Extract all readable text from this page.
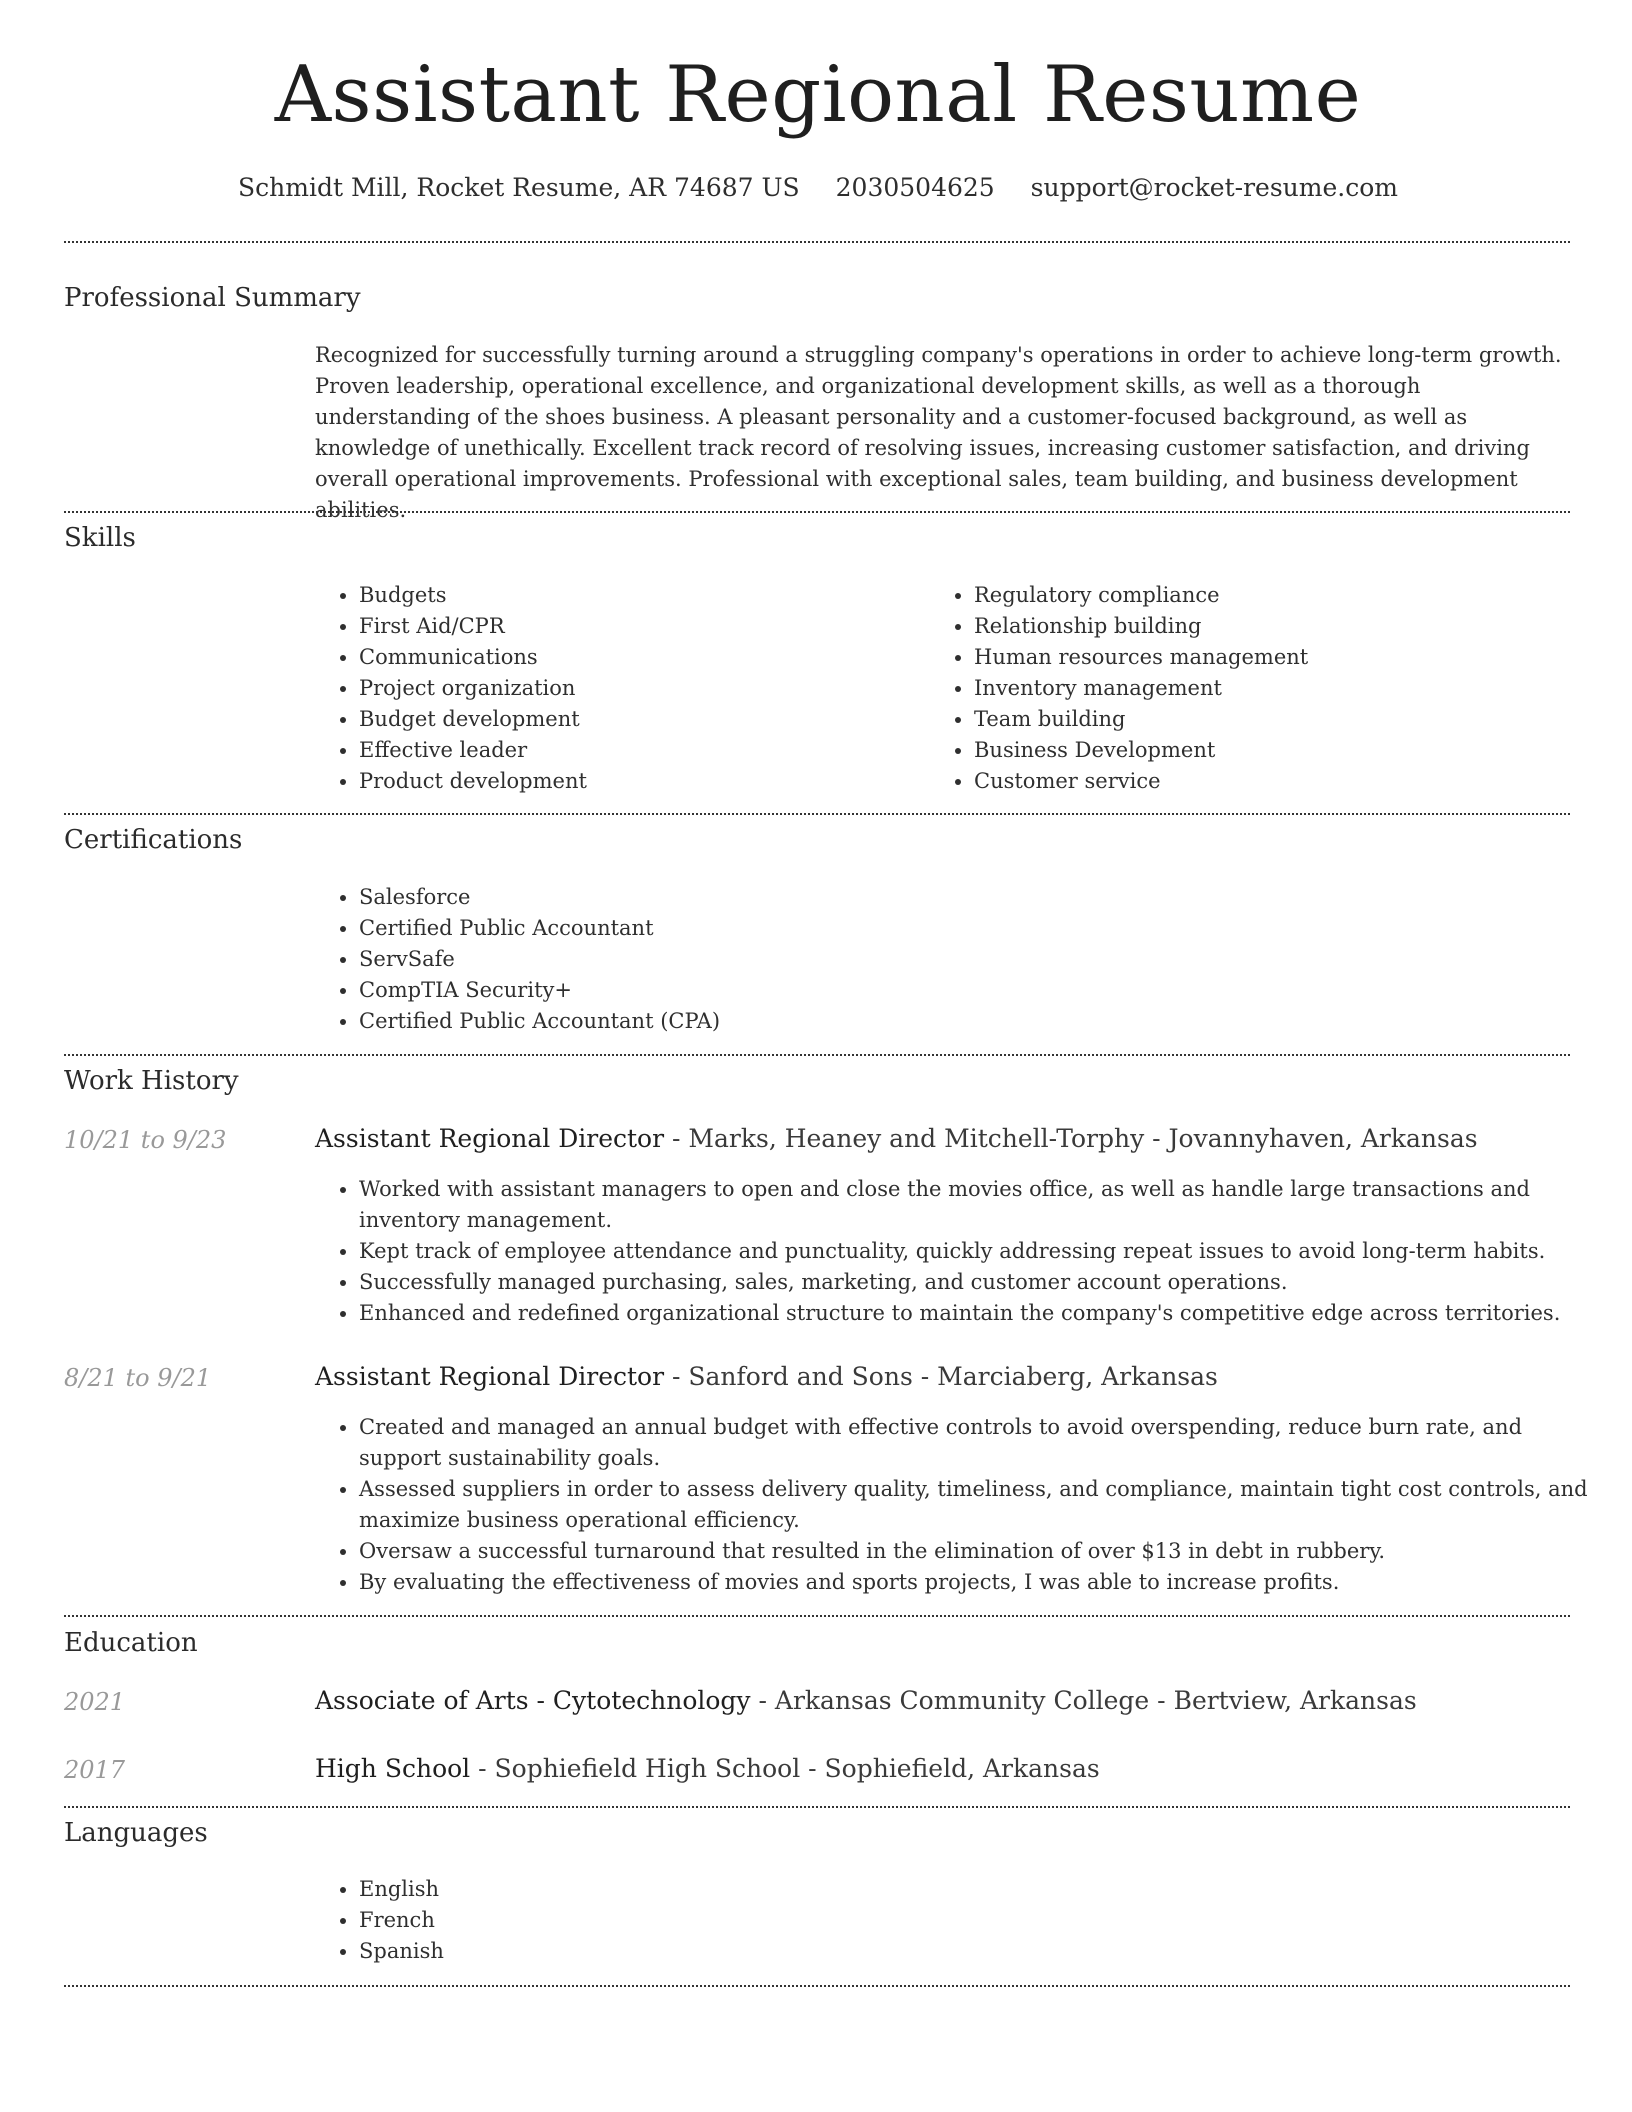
Assistant Regional Resume
Schmidt Mill, Rocket Resume, AR 74687 US 2030504625 support@rocket-resume.com
Professional Summary
Recognized for successfully turning around a struggling company's operations in order to achieve long-term growth. Proven leadership, operational excellence, and organizational development skills, as well as a thorough understanding of the shoes business. A pleasant personality and a customer-focused background, as well as knowledge of unethically. Excellent track record of resolving issues, increasing customer satisfaction, and driving overall operational improvements. Professional with exceptional sales, team building, and business development abilities.
Skills
• Budgets
• First Aid/CPR
• Communications
• Project organization
• Budget development
• Effective leader
• Product development
• Regulatory compliance
• Relationship building
• Human resources management
• Inventory management
• Team building
• Business Development
• Customer service
Certifications
• Salesforce
• Certified Public Accountant
• ServSafe
• CompTIA Security+
• Certified Public Accountant (CPA)
Work History
10/21 to 9/23	Assistant Regional Director - Marks, Heaney and Mitchell-Torphy - Jovannyhaven, Arkansas
• Worked with assistant managers to open and close the movies office, as well as handle large transactions and inventory management.
• Kept track of employee attendance and punctuality, quickly addressing repeat issues to avoid long-term habits.
• Successfully managed purchasing, sales, marketing, and customer account operations.
• Enhanced and redefined organizational structure to maintain the company's competitive edge across territories.
8/21 to 9/21	Assistant Regional Director - Sanford and Sons - Marciaberg, Arkansas
• Created and managed an annual budget with effective controls to avoid overspending, reduce burn rate, and support sustainability goals.
• Assessed suppliers in order to assess delivery quality, timeliness, and compliance, maintain tight cost controls, and maximize business operational efficiency.
• Oversaw a successful turnaround that resulted in the elimination of over $13 in debt in rubbery.
• By evaluating the effectiveness of movies and sports projects, I was able to increase profits.
Education
2021	Associate of Arts - Cytotechnology - Arkansas Community College - Bertview, Arkansas
2017	High School - Sophiefield High School - Sophiefield, Arkansas
Languages
• English
• French
• Spanish
